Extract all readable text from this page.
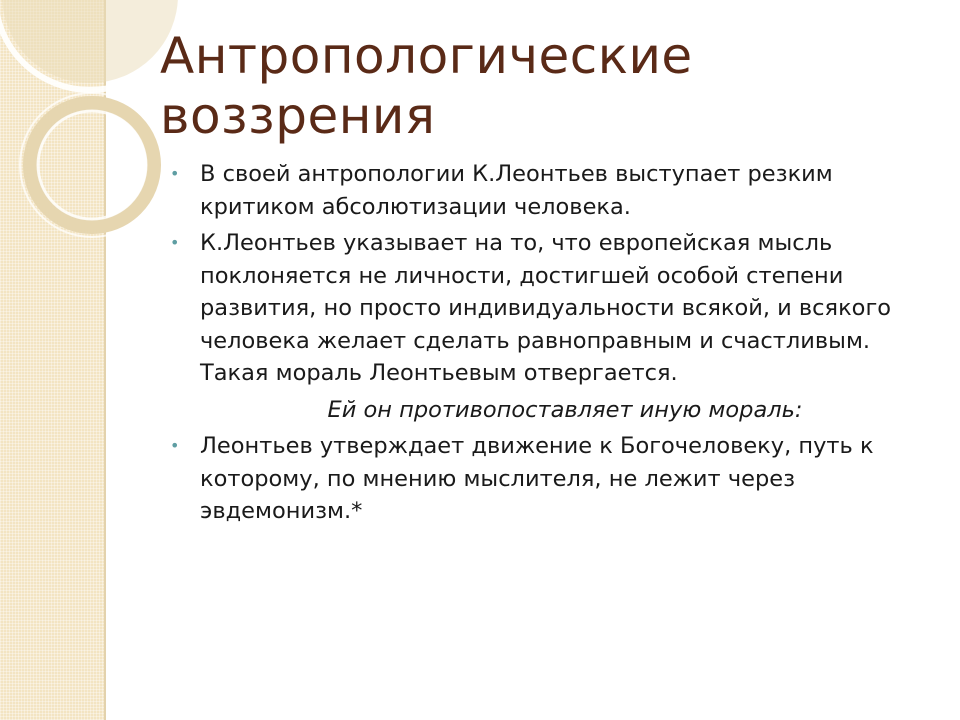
Антропологические воззрения
• В своей антропологии К.Леонтьев выступает резким критиком абсолютизации человека.
• К.Леонтьев указывает на то, что европейская мысль поклоняется не личности, достигшей особой степени развития, но просто индивидуальности всякой, и всякого человека желает сделать равноправным и счастливым. Такая мораль Леонтьевым отвергается.
Ей он противопоставляет иную мораль:
• Леонтьев утверждает движение к Богочеловеку, путь к которому, по мнению мыслителя, не лежит через эвдемонизм.*
